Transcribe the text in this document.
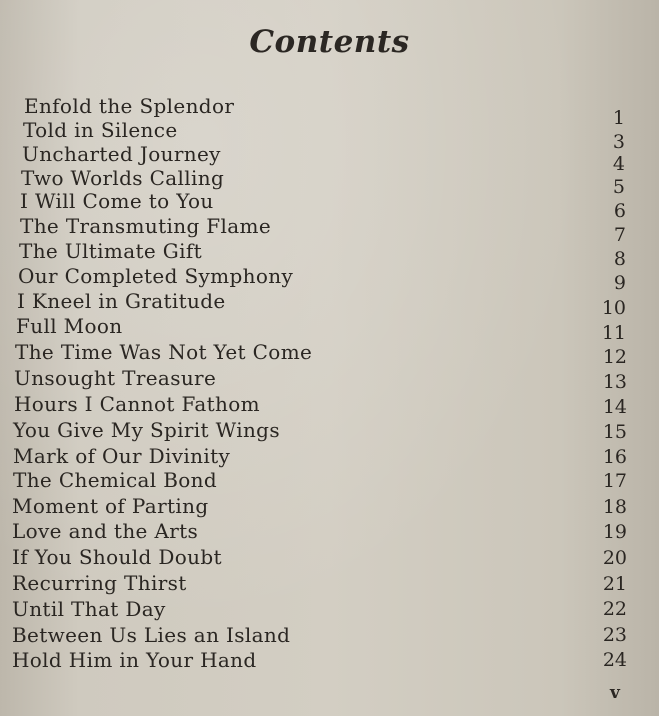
Contents
Enfold the Splendor	1
Told in Silence	3
Uncharted Journey	4
Two Worlds Calling	5
I Will Come to You	6
The Transmuting Flame	7
The Ultimate Gift	8
Our Completed Symphony	9
I Kneel in Gratitude	10
Full Moon	11
The Time Was Not Yet Come	12
Unsought Treasure	13
Hours I Cannot Fathom	14
You Give My Spirit Wings	15
Mark of Our Divinity	16
The Chemical Bond	17
Moment of Parting	18
Love and the Arts	19
If You Should Doubt	20
Recurring Thirst	21
Until That Day	22
Between Us Lies an Island	23
Hold Him in Your Hand	24
v
